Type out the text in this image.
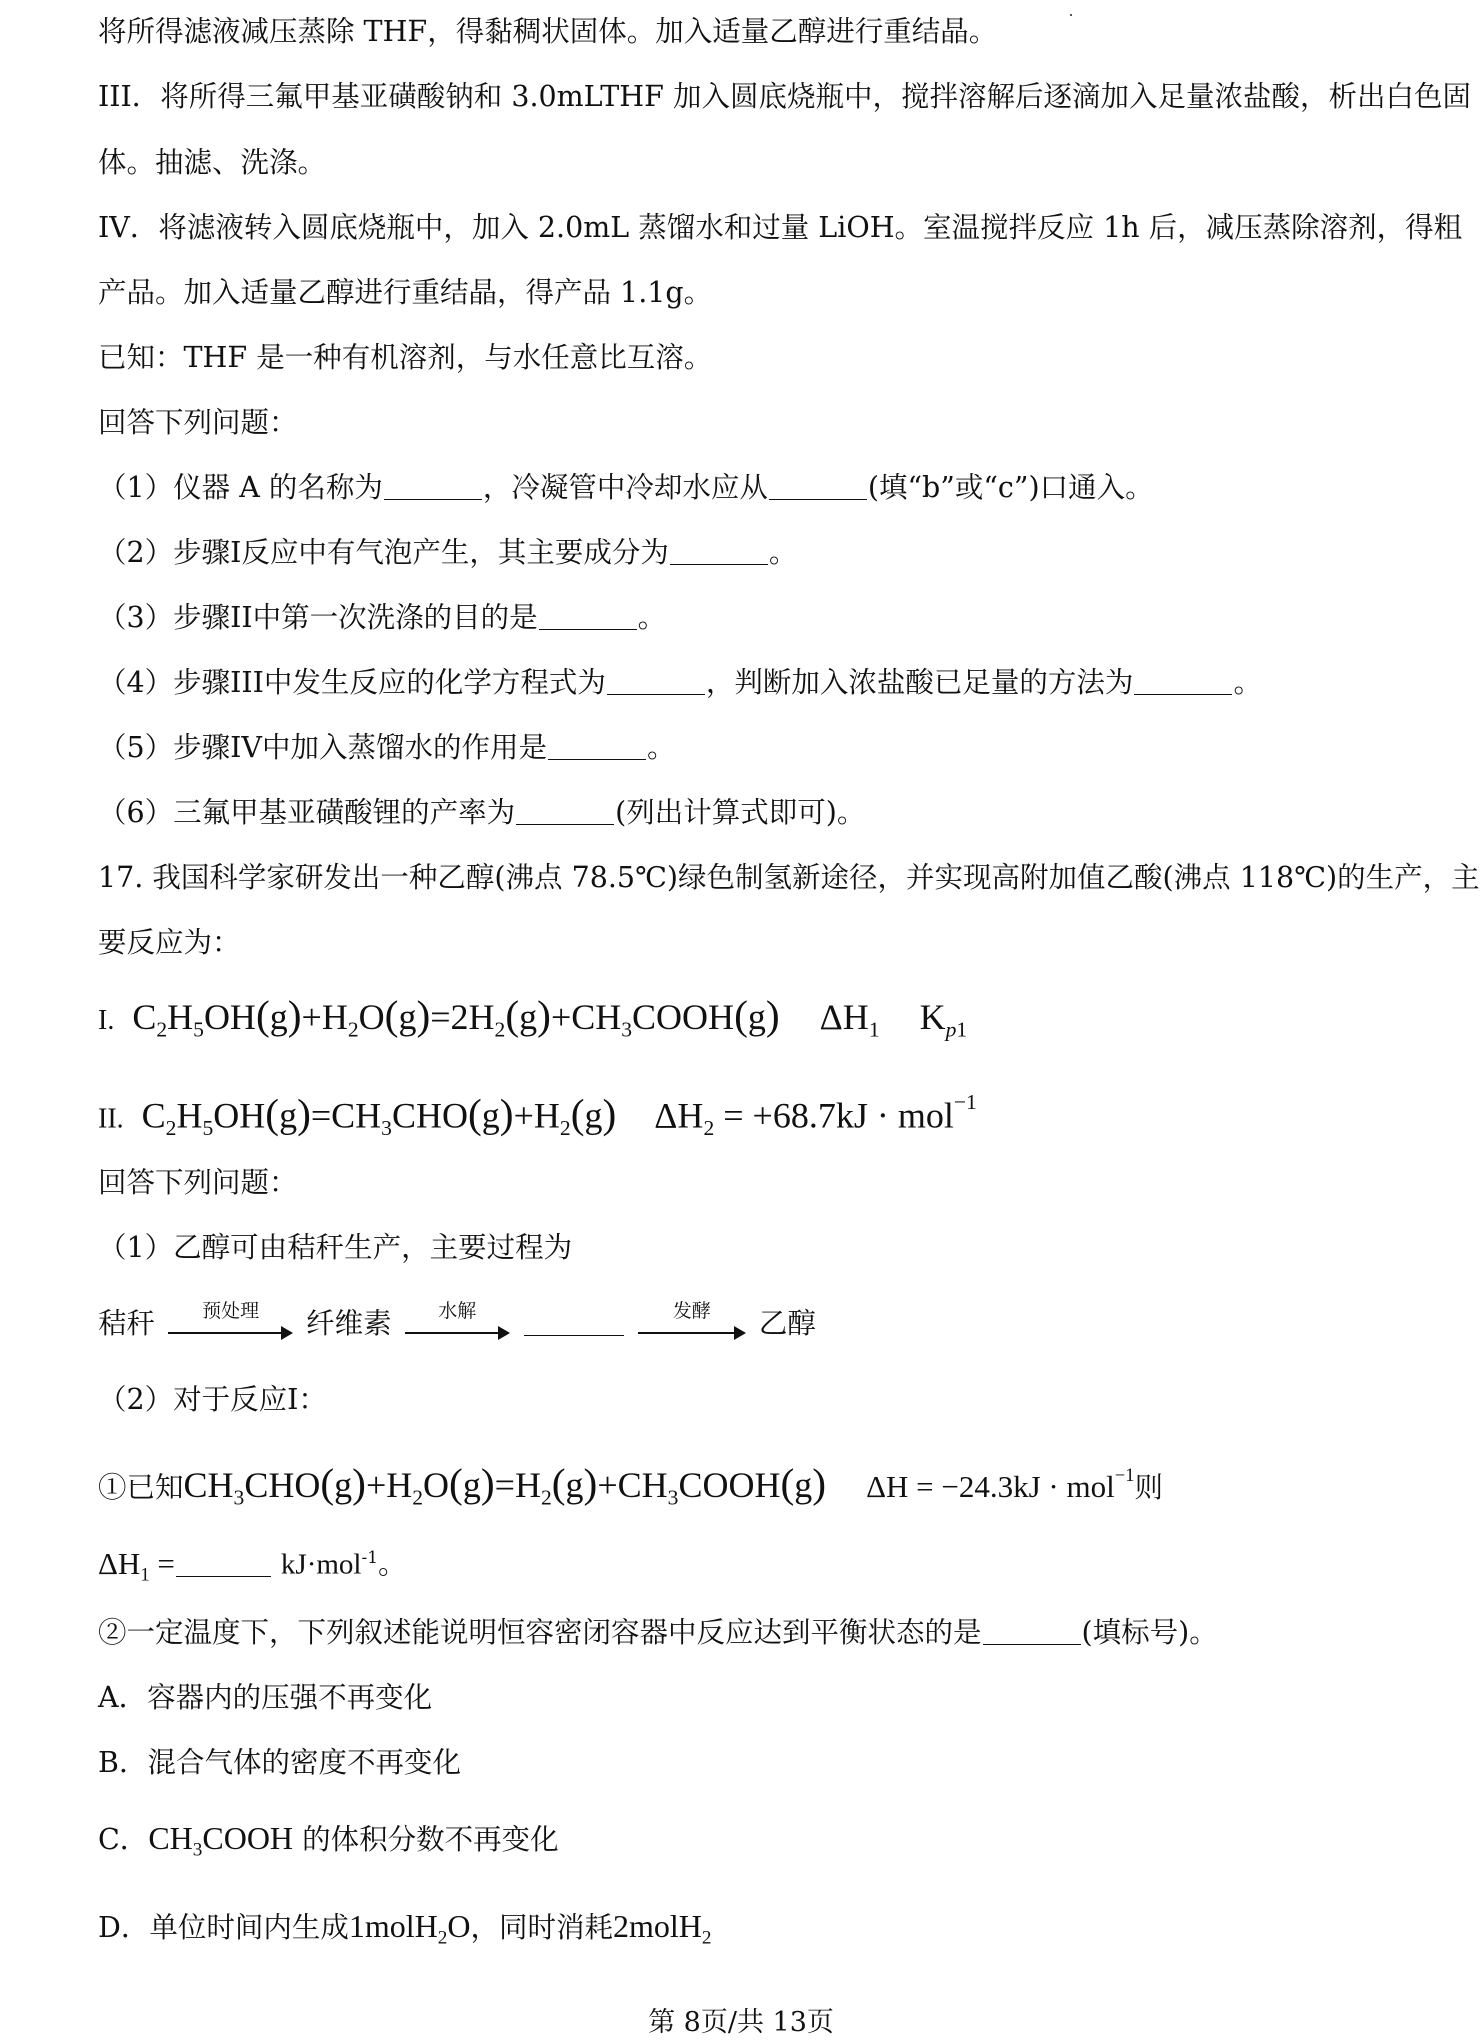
将所得滤液减压蒸除 THF，得黏稠状固体。加入适量乙醇进行重结晶。
III．将所得三氟甲基亚磺酸钠和 3.0mLTHF 加入圆底烧瓶中，搅拌溶解后逐滴加入足量浓盐酸，析出白色固
体。抽滤、洗涤。
IV．将滤液转入圆底烧瓶中，加入 2.0mL 蒸馏水和过量 LiOH。室温搅拌反应 1h 后，减压蒸除溶剂，得粗
产品。加入适量乙醇进行重结晶，得产品 1.1g。
已知：THF 是一种有机溶剂，与水任意比互溶。
回答下列问题：
（1）仪器 A 的名称为	，冷凝管中冷却水应从	(填“b”或“c”)口通入。
（2）步骤I反应中有气泡产生，其主要成分为	。
（3）步骤II中第一次洗涤的目的是	。
（4）步骤III中发生反应的化学方程式为	，判断加入浓盐酸已足量的方法为	。
（5）步骤IV中加入蒸馏水的作用是	。
（6）三氟甲基亚磺酸锂的产率为	(列出计算式即可)。
17. 我国科学家研发出一种乙醇(沸点 78.5℃)绿色制氢新途径，并实现高附加值乙酸(沸点 118℃)的生产，主
要反应为：
I.  $C_2H_5OH(g)+H_2O(g)=2H_2(g)+CH_3COOH(g)$ $\Delta H_1$ $K_{p1}$
II.  $C_2H_5OH(g)=CH_3CHO(g)+H_2(g) \Delta H_2 = +68.7kJ \cdot mol^{-1}$
回答下列问题：
（1）乙醇可由秸秆生产，主要过程为
秸秆	预处理	纤维素	水解
	发酵	乙醇
（2）对于反应I：
①已知$CH_3CHO(g)+H_2O(g)=H_2(g)+CH_3COOH(g) \Delta H = -24.3kJ \cdot mol^{-1}$则
$\Delta H_1$ =	kJ·mol$^{-1}$。
②一定温度下，下列叙述能说明恒容密闭容器中反应达到平衡状态的是	(填标号)。
A．容器内的压强不再变化
B．混合气体的密度不再变化
C．$CH_3COOH$ 的体积分数不再变化
D．单位时间内生成1molH$_2$O，同时消耗2molH$_2$
第 8页/共 13页
